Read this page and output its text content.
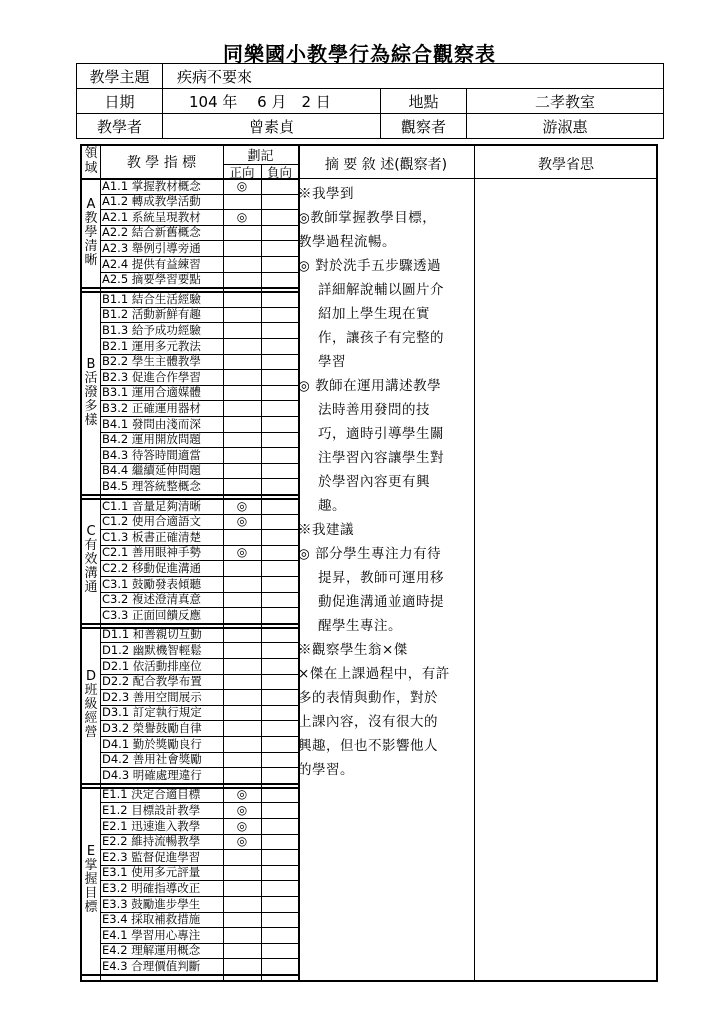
同樂國小教學行為綜合觀察表
教學主題	疾病不要來
日期	104 年　 6 月　2 日	地點	二孝教室
教學者	曾素貞	觀察者	游淑惠
領域	教 學 指 標	劃記
正向 負向	摘 要 敘 述(觀察者)	教學省思
A1.1 掌握教材概念	◎
A1.2 轉成教學活動
A2.1 系統呈現教材	◎
A2.2 結合新舊概念
A2.3 舉例引導旁通
A2.4 提供有益練習
A2.5 摘要學習要點
A教學清晰
B1.1 結合生活經驗
B1.2 活動新鮮有趣
B1.3 給予成功經驗
B2.1 運用多元教法
B2.2 學生主體教學
B2.3 促進合作學習
B3.1 運用合適媒體
B3.2 正確運用器材
B4.1 發問由淺而深
B4.2 運用開放問題
B4.3 待答時間適當
B4.4 繼續延伸問題
B4.5 理答統整概念
B活潑多樣
C1.1 音量足夠清晰	◎
C1.2 使用合適語文	◎
C1.3 板書正確清楚
C2.1 善用眼神手勢	◎
C2.2 移動促進溝通
C3.1 鼓勵發表傾聽
C3.2 複述澄清真意
C3.3 正面回饋反應
C有效溝通
D1.1 和善親切互動
D1.2 幽默機智輕鬆
D2.1 依活動排座位
D2.2 配合教學布置
D2.3 善用空間展示
D3.1 訂定執行規定
D3.2 榮譽鼓勵自律
D4.1 勤於獎勵良行
D4.2 善用社會獎勵
D4.3 明確處理違行
D班級經營
E1.1 決定合適目標	◎
E1.2 目標設計教學	◎
E2.1 迅速進入教學	◎
E2.2 維持流暢教學	◎
E2.3 監督促進學習
E3.1 使用多元評量
E3.2 明確指導改正
E3.3 鼓勵進步學生
E3.4 採取補救措施
E4.1 學習用心專注
E4.2 理解運用概念
E4.3 合理價值判斷
E掌握目標
※我學到
◎教師掌握教學目標，
教學過程流暢。
◎ 對於洗手五步驟透過
詳細解說輔以圖片介
紹加上學生現在實
作，讓孩子有完整的
學習
◎ 教師在運用講述教學
法時善用發問的技
巧，適時引導學生關
注學習內容讓學生對
於學習內容更有興
趣。
※我建議
◎ 部分學生專注力有待
提昇，教師可運用移
動促進溝通並適時提
醒學生專注。
※觀察學生翁×傑
×傑在上課過程中，有許
多的表情與動作，對於
上課內容，沒有很大的
興趣，但也不影響他人
的學習。
